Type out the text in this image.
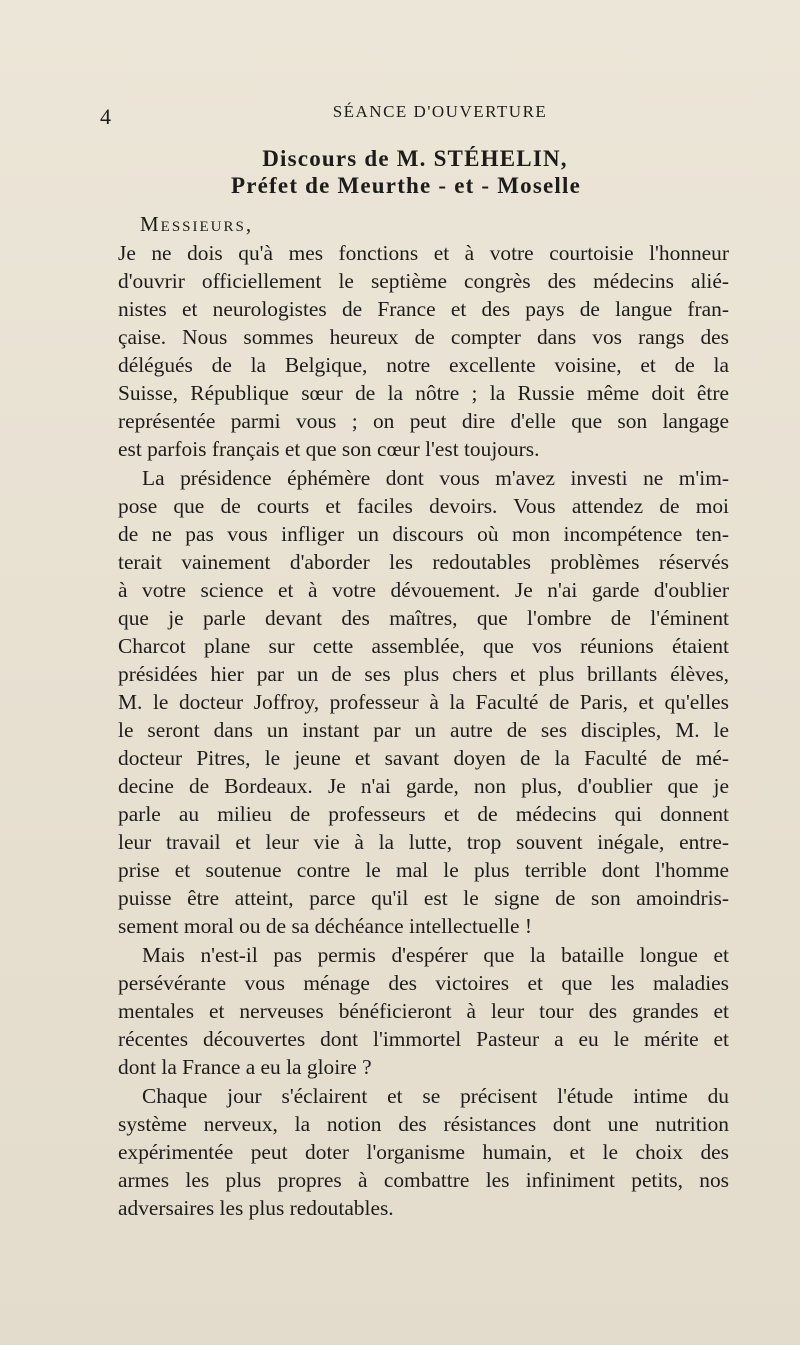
4	SÉANCE D'OUVERTURE
Discours de M. STÉHELIN,
Préfet de Meurthe - et - Moselle
Messieurs,
Je ne dois qu'à mes fonctions et à votre courtoisie l'honneur
d'ouvrir officiellement le septième congrès des médecins alié-
nistes et neurologistes de France et des pays de langue fran-
çaise. Nous sommes heureux de compter dans vos rangs des
délégués de la Belgique, notre excellente voisine, et de la
Suisse, République sœur de la nôtre ; la Russie même doit être
représentée parmi vous ; on peut dire d'elle que son langage
est parfois français et que son cœur l'est toujours.
La présidence éphémère dont vous m'avez investi ne m'im-
pose que de courts et faciles devoirs. Vous attendez de moi
de ne pas vous infliger un discours où mon incompétence ten-
terait vainement d'aborder les redoutables problèmes réservés
à votre science et à votre dévouement. Je n'ai garde d'oublier
que je parle devant des maîtres, que l'ombre de l'éminent
Charcot plane sur cette assemblée, que vos réunions étaient
présidées hier par un de ses plus chers et plus brillants élèves,
M. le docteur Joffroy, professeur à la Faculté de Paris, et qu'elles
le seront dans un instant par un autre de ses disciples, M. le
docteur Pitres, le jeune et savant doyen de la Faculté de mé-
decine de Bordeaux. Je n'ai garde, non plus, d'oublier que je
parle au milieu de professeurs et de médecins qui donnent
leur travail et leur vie à la lutte, trop souvent inégale, entre-
prise et soutenue contre le mal le plus terrible dont l'homme
puisse être atteint, parce qu'il est le signe de son amoindris-
sement moral ou de sa déchéance intellectuelle !
Mais n'est-il pas permis d'espérer que la bataille longue et
persévérante vous ménage des victoires et que les maladies
mentales et nerveuses bénéficieront à leur tour des grandes et
récentes découvertes dont l'immortel Pasteur a eu le mérite et
dont la France a eu la gloire ?
Chaque jour s'éclairent et se précisent l'étude intime du
système nerveux, la notion des résistances dont une nutrition
expérimentée peut doter l'organisme humain, et le choix des
armes les plus propres à combattre les infiniment petits, nos
adversaires les plus redoutables.
